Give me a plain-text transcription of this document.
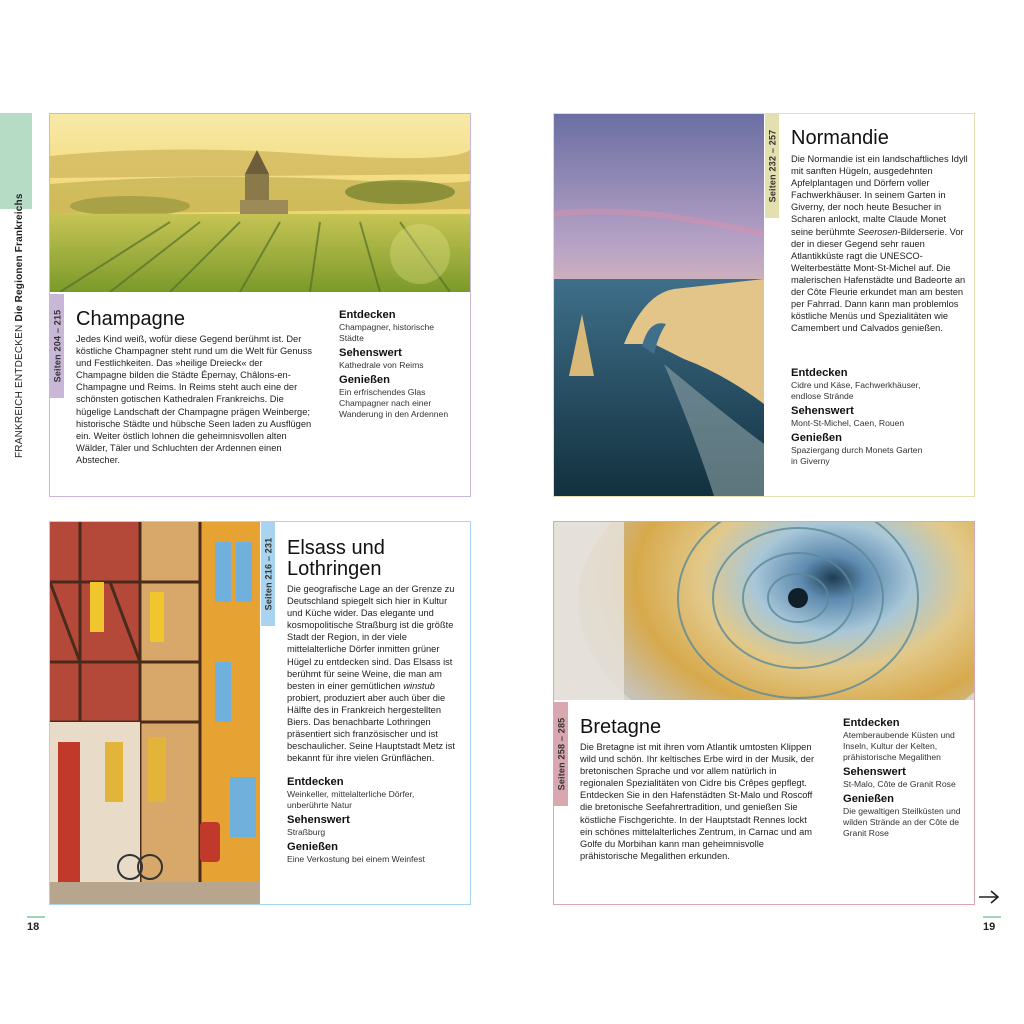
FRANKREICH ENTDECKEN Die Regionen Frankreichs
Seiten 204 – 215 Champagne
Jedes Kind weiß, wofür diese Gegend berühmt ist. Der köstliche Champagner steht rund um die Welt für Genuss und Festlichkeiten. Das »heilige Dreieck« der Champagne bilden die Städte Épernay, Châlons-en-Champagne und Reims. In Reims steht auch eine der schönsten gotischen Kathedralen Frankreichs. Die hügelige Landschaft der Champagne prägen Weinberge; historische Städte und hübsche Seen laden zu Ausflügen ein. Weiter östlich lohnen die geheimnisvollen alten Wälder, Täler und Schluchten der Ardennen einen Abstecher.
Entdecken
Champagner, historische Städte
Sehenswert
Kathedrale von Reims
Genießen
Ein erfrischendes Glas Champagner nach einer Wanderung in den Ardennen
Seiten 232 – 257 Normandie
Die Normandie ist ein landschaftliches Idyll mit sanften Hügeln, ausgedehnten Apfelplantagen und Dörfern voller Fachwerkhäuser. In seinem Garten in Giverny, der noch heute Besucher in Scharen anlockt, malte Claude Monet seine berühmte Seerosen-Bilderserie. Vor der in dieser Gegend sehr rauen Atlantikküste ragt die UNESCO-Welterbestätte Mont-St-Michel auf. Die malerischen Hafenstädte und Badeorte an der Côte Fleurie erkundet man am besten per Fahrrad. Dann kann man problemlos köstliche Menüs und Spezialitäten wie Camembert und Calvados genießen.
Entdecken
Cidre und Käse, Fachwerkhäuser, endlose Strände
Sehenswert
Mont-St-Michel, Caen, Rouen
Genießen
Spaziergang durch Monets Garten in Giverny
Seiten 216 – 231 Elsass und Lothringen
Die geografische Lage an der Grenze zu Deutschland spiegelt sich hier in Kultur und Küche wider. Das elegante und kosmopolitische Straßburg ist die größte Stadt der Region, in der viele mittelalterliche Dörfer inmitten grüner Hügel zu entdecken sind. Das Elsass ist berühmt für seine Weine, die man am besten in einer gemütlichen winstub probiert, produziert aber auch über die Hälfte des in Frankreich hergestellten Biers. Das benachbarte Lothringen präsentiert sich französischer und ist beschaulicher. Seine Hauptstadt Metz ist bekannt für ihre vielen Grünflächen.
Entdecken
Weinkeller, mittelalterliche Dörfer, unberührte Natur
Sehenswert
Straßburg
Genießen
Eine Verkostung bei einem Weinfest
Seiten 258 – 285 Bretagne
Die Bretagne ist mit ihren vom Atlantik umtosten Klippen wild und schön. Ihr keltisches Erbe wird in der Musik, der bretonischen Sprache und vor allem natürlich in regionalen Spezialitäten von Cidre bis Crêpes gepflegt. Entdecken Sie in den Hafenstädten St-Malo und Roscoff die bretonische Seefahrertradition, und genießen Sie köstliche Fischgerichte. In der Hauptstadt Rennes lockt ein schönes mittelalterliches Zentrum, in Carnac und am Golfe du Morbihan kann man geheimnisvolle prähistorische Megalithen erkunden.
Entdecken
Atemberaubende Küsten und Inseln, Kultur der Kelten, prähistorische Megalithen
Sehenswert
St-Malo, Côte de Granit Rose
Genießen
Die gewaltigen Steilküsten und wilden Strände an der Côte de Granit Rose
18	19
